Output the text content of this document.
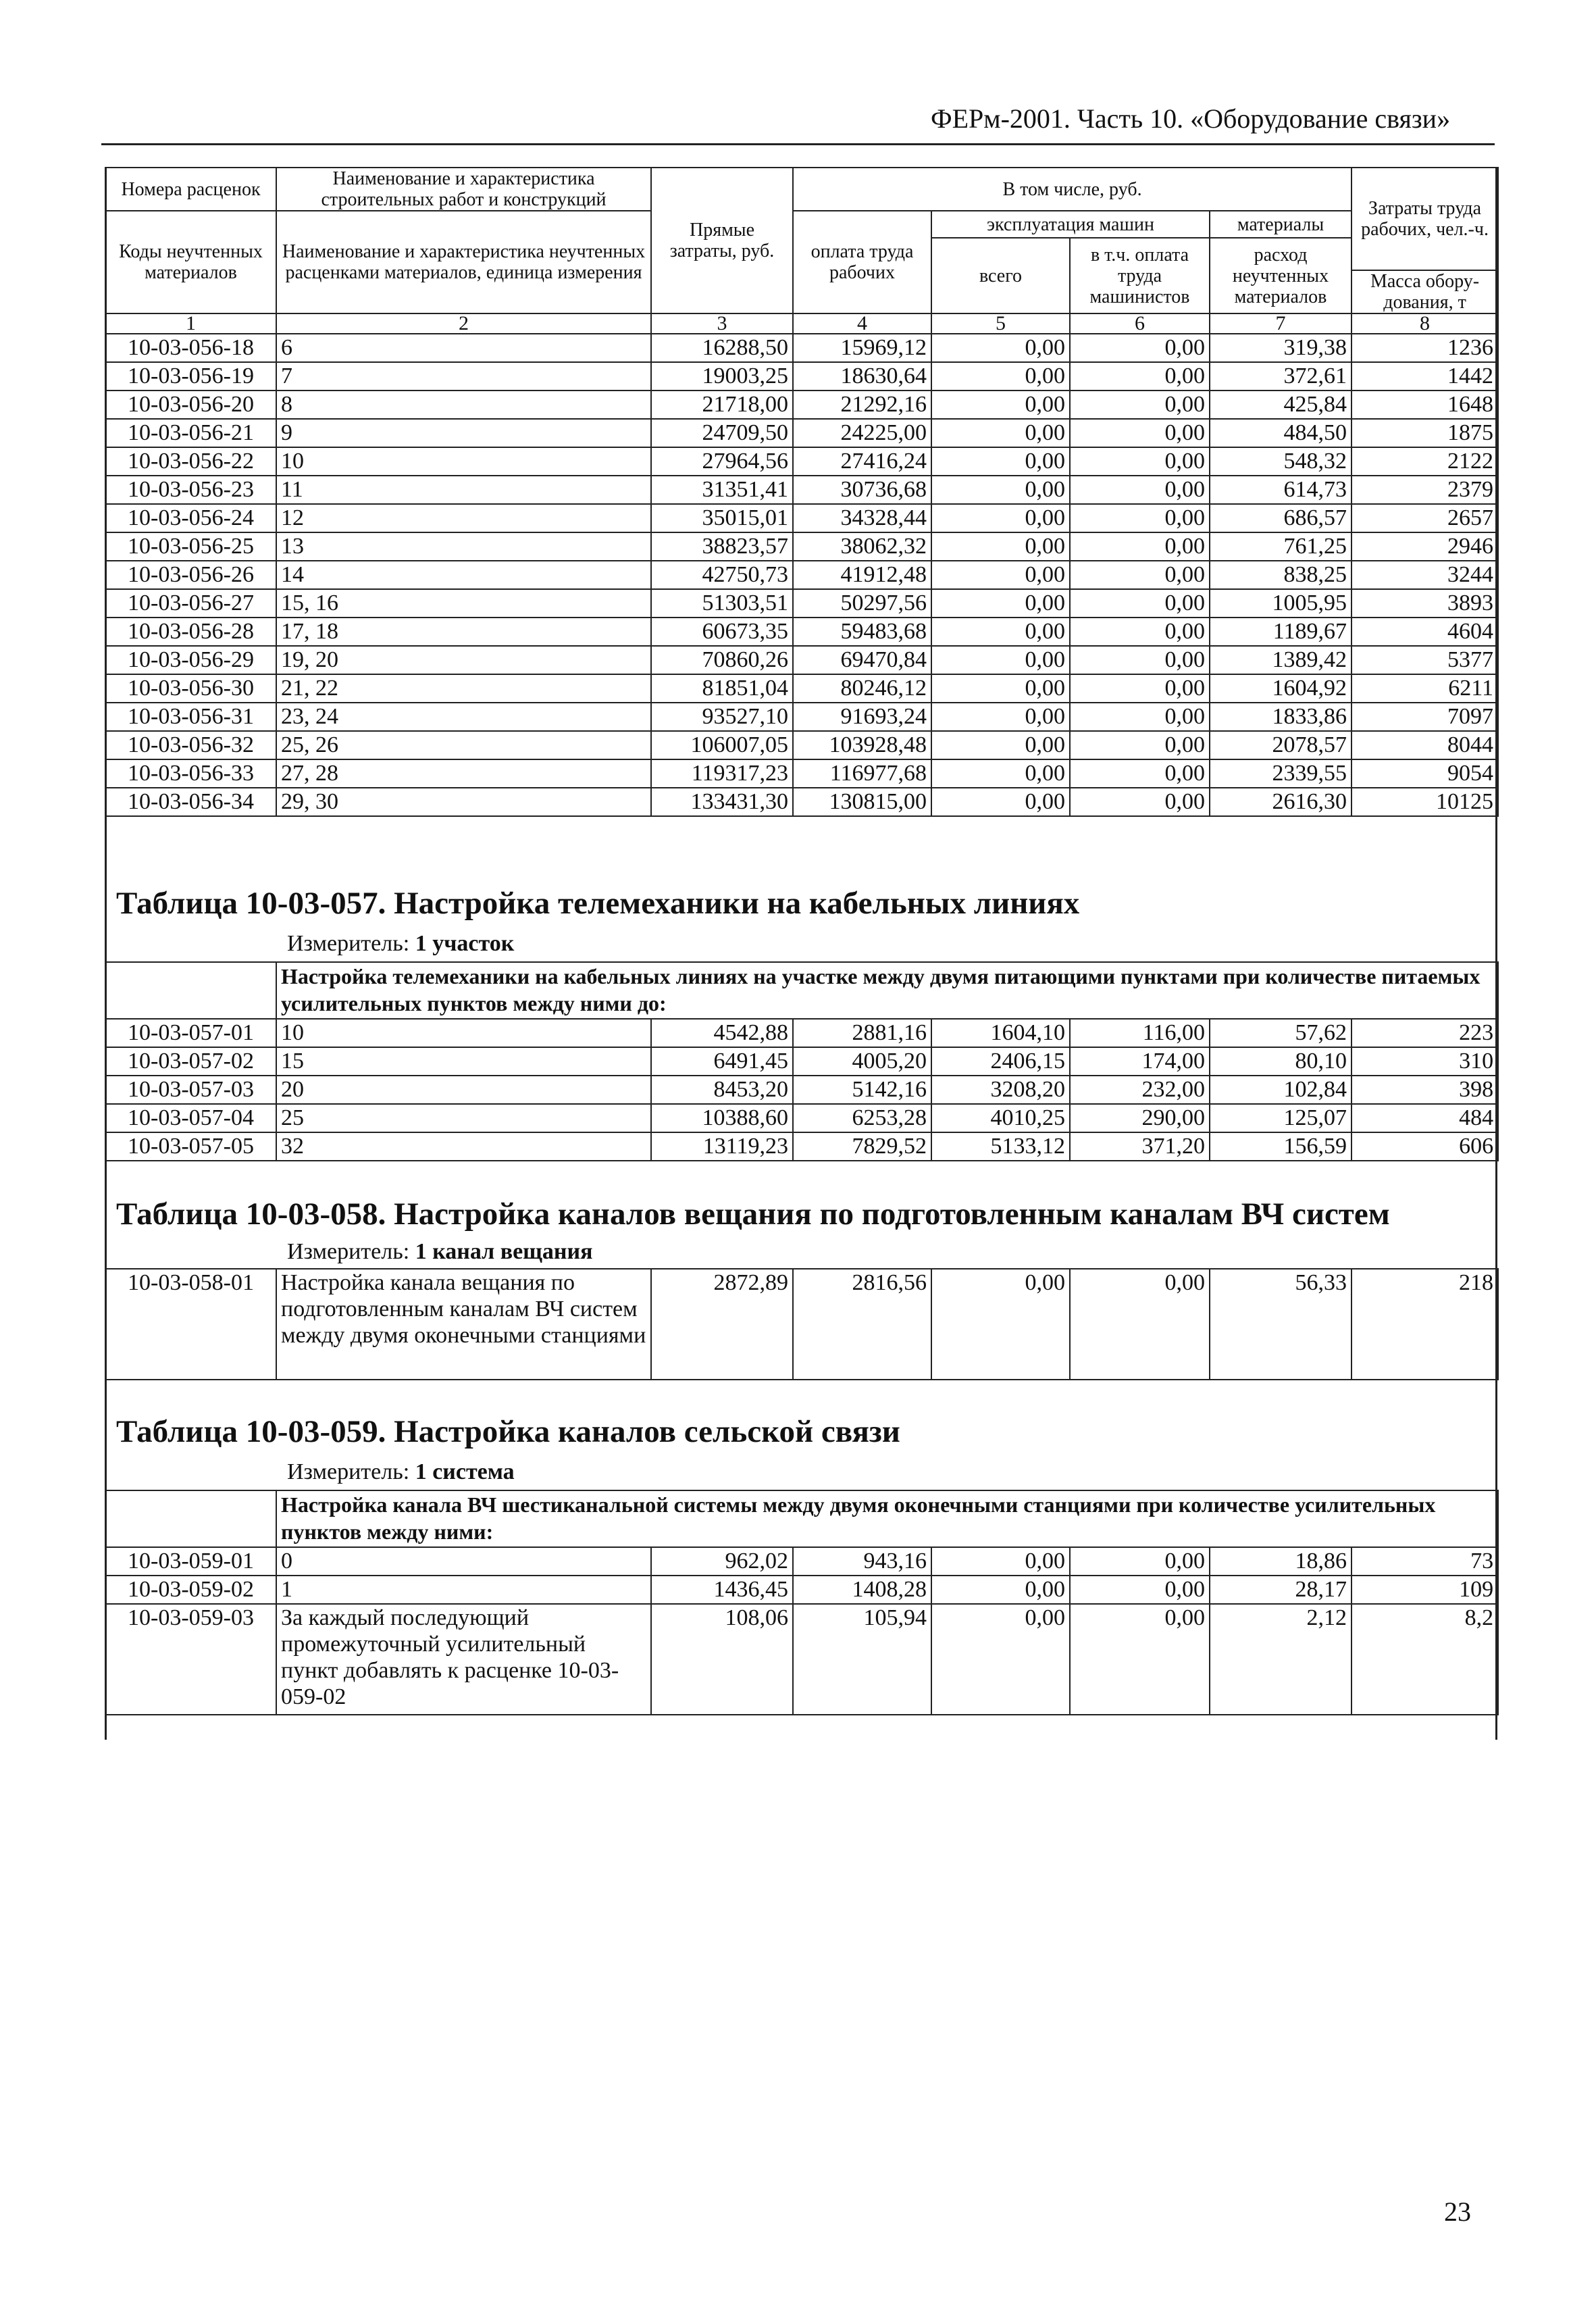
ФЕРм-2001. Часть 10. «Оборудование связи»
Номера расценок	Наименование и характеристика строительных работ и конструкций	Прямые затраты, руб.	В том числе, руб.				Затраты труда рабочих, чел.-ч.
Коды неучтенных материалов	Наименование и характеристика неучтенных расценками материалов, единица измерения		оплата труда рабочих	эксплуатация машин		материалы	
				всего	в т.ч. оплата труда машинистов	расход неучтенных материалов	
							Масса обору-дования, т
1	2	3	4	5	6	7	8
10-03-056-18	6	16288,50	15969,12	0,00	0,00	319,38	1236
10-03-056-19	7	19003,25	18630,64	0,00	0,00	372,61	1442
10-03-056-20	8	21718,00	21292,16	0,00	0,00	425,84	1648
10-03-056-21	9	24709,50	24225,00	0,00	0,00	484,50	1875
10-03-056-22	10	27964,56	27416,24	0,00	0,00	548,32	2122
10-03-056-23	11	31351,41	30736,68	0,00	0,00	614,73	2379
10-03-056-24	12	35015,01	34328,44	0,00	0,00	686,57	2657
10-03-056-25	13	38823,57	38062,32	0,00	0,00	761,25	2946
10-03-056-26	14	42750,73	41912,48	0,00	0,00	838,25	3244
10-03-056-27	15, 16	51303,51	50297,56	0,00	0,00	1005,95	3893
10-03-056-28	17, 18	60673,35	59483,68	0,00	0,00	1189,67	4604
10-03-056-29	19, 20	70860,26	69470,84	0,00	0,00	1389,42	5377
10-03-056-30	21, 22	81851,04	80246,12	0,00	0,00	1604,92	6211
10-03-056-31	23, 24	93527,10	91693,24	0,00	0,00	1833,86	7097
10-03-056-32	25, 26	106007,05	103928,48	0,00	0,00	2078,57	8044
10-03-056-33	27, 28	119317,23	116977,68	0,00	0,00	2339,55	9054
10-03-056-34	29, 30	133431,30	130815,00	0,00	0,00	2616,30	10125
Таблица 10-03-057. Настройка телемеханики на кабельных линиях
Измеритель: 1 участок
	Настройка телемеханики на кабельных линиях на участке между двумя питающими пунктами при количестве питаемых усилительных пунктов между ними до:						
10-03-057-01	10	4542,88	2881,16	1604,10	116,00	57,62	223
10-03-057-02	15	6491,45	4005,20	2406,15	174,00	80,10	310
10-03-057-03	20	8453,20	5142,16	3208,20	232,00	102,84	398
10-03-057-04	25	10388,60	6253,28	4010,25	290,00	125,07	484
10-03-057-05	32	13119,23	7829,52	5133,12	371,20	156,59	606
Таблица 10-03-058. Настройка каналов вещания по подготовленным каналам ВЧ систем
Измеритель: 1 канал вещания
10-03-058-01	Настройка канала вещания по подготовленным каналам ВЧ систем между двумя оконечными станциями	2872,89	2816,56	0,00	0,00	56,33	218
Таблица 10-03-059. Настройка каналов сельской связи
Измеритель: 1 система
	Настройка канала ВЧ шестиканальной системы между двумя оконечными станциями при количестве усилительных пунктов между ними:						
10-03-059-01	0	962,02	943,16	0,00	0,00	18,86	73
10-03-059-02	1	1436,45	1408,28	0,00	0,00	28,17	109
10-03-059-03	За каждый последующий промежуточный усилительный пункт добавлять к расценке 10-03-059-02	108,06	105,94	0,00	0,00	2,12	8,2
23
